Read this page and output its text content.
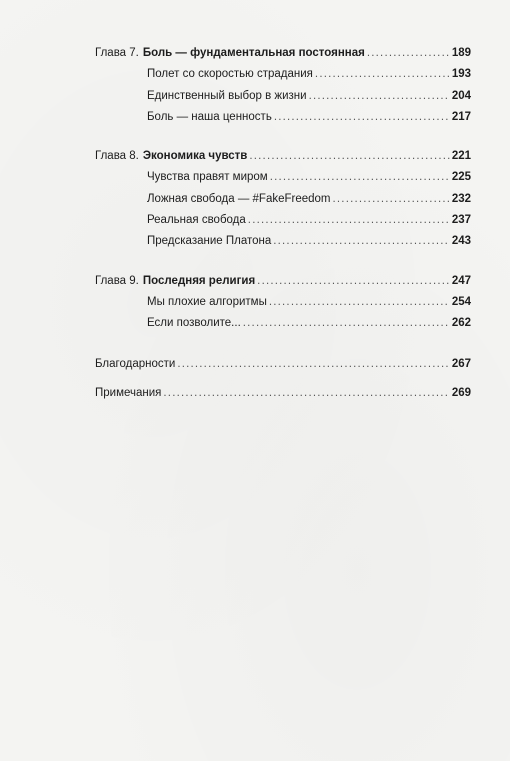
Глава 7. Боль — фундаментальная постоянная .....	189
Полет со скоростью страдания .....	193
Единственный выбор в жизни .....	204
Боль — наша ценность .....	217
Глава 8. Экономика чувств .....	221
Чувства правят миром .....	225
Ложная свобода — #FakeFreedom .....	232
Реальная свобода .....	237
Предсказание Платона .....	243
Глава 9. Последняя религия .....	247
Мы плохие алгоритмы .....	254
Если позволите... .....	262
Благодарности .....	267
Примечания .....	269
